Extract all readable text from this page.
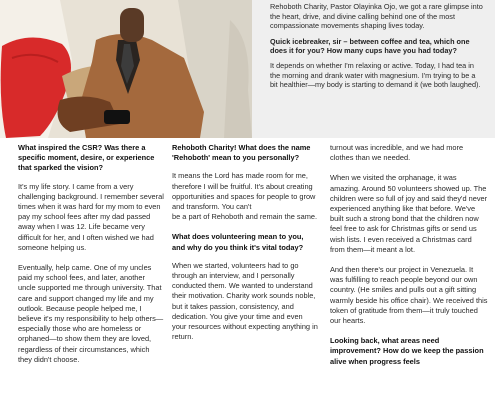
Rehoboth Charity, Pastor Olayinka Ojo, we got a rare glimpse into the heart, drive, and divine calling behind one of the most compassionate movements shaping lives today.

Quick icebreaker, sir – between coffee and tea, which one does it for you? How many cups have you had today?

It depends on whether I'm relaxing or active. Today, I had tea in the morning and drank water with magnesium. I'm trying to be a bit healthier—my body is starting to demand it (we both laughed).

What inspired the CSR? Was there a specific moment, desire, or experience that sparked the vision?

It's my life story. I came from a very challenging background. I remember several times when it was hard for my mom to even pay my school fees after my dad passed away when I was 12. Life became very difficult for her, and I often wished we had someone helping us.

Eventually, help came. One of my uncles paid my school fees, and later, another uncle supported me through university. That care and support changed my life and my outlook. Because people helped me, I believe it's my responsibility to help others—especially those who are homeless or orphaned—to show them they are loved, regardless of their circumstances, which they didn't choose.

Rehoboth Charity! What does the name 'Rehoboth' mean to you personally?

It means the Lord has made room for me, therefore I will be fruitful. It's about creating opportunities and spaces for people to grow and transform. You can't

be a part of Rehoboth and remain the same.

What does volunteering mean to you, and why do you think it's vital today?

When we started, volunteers had to go through an interview, and I personally conducted them. We wanted to understand their motivation. Charity work sounds noble, but it takes passion, consistency, and dedication. You give your time and even your resources without expecting anything in return.

turnout was incredible, and we had more clothes than we needed.

When we visited the orphanage, it was amazing. Around 50 volunteers showed up. The children were so full of joy and said they'd never experienced anything like that before. We've built such a strong bond that the children now feel free to ask for Christmas gifts or send us wish lists. I even received a Christmas card from them—it meant a lot.

And then there's our project in Venezuela. It was fulfilling to reach people beyond our own country. (He smiles and pulls out a gift sitting warmly beside his office chair). We received this token of gratitude from them—it truly touched our hearts.

Looking back, what areas need improvement? How do we keep the passion alive when progress feels
